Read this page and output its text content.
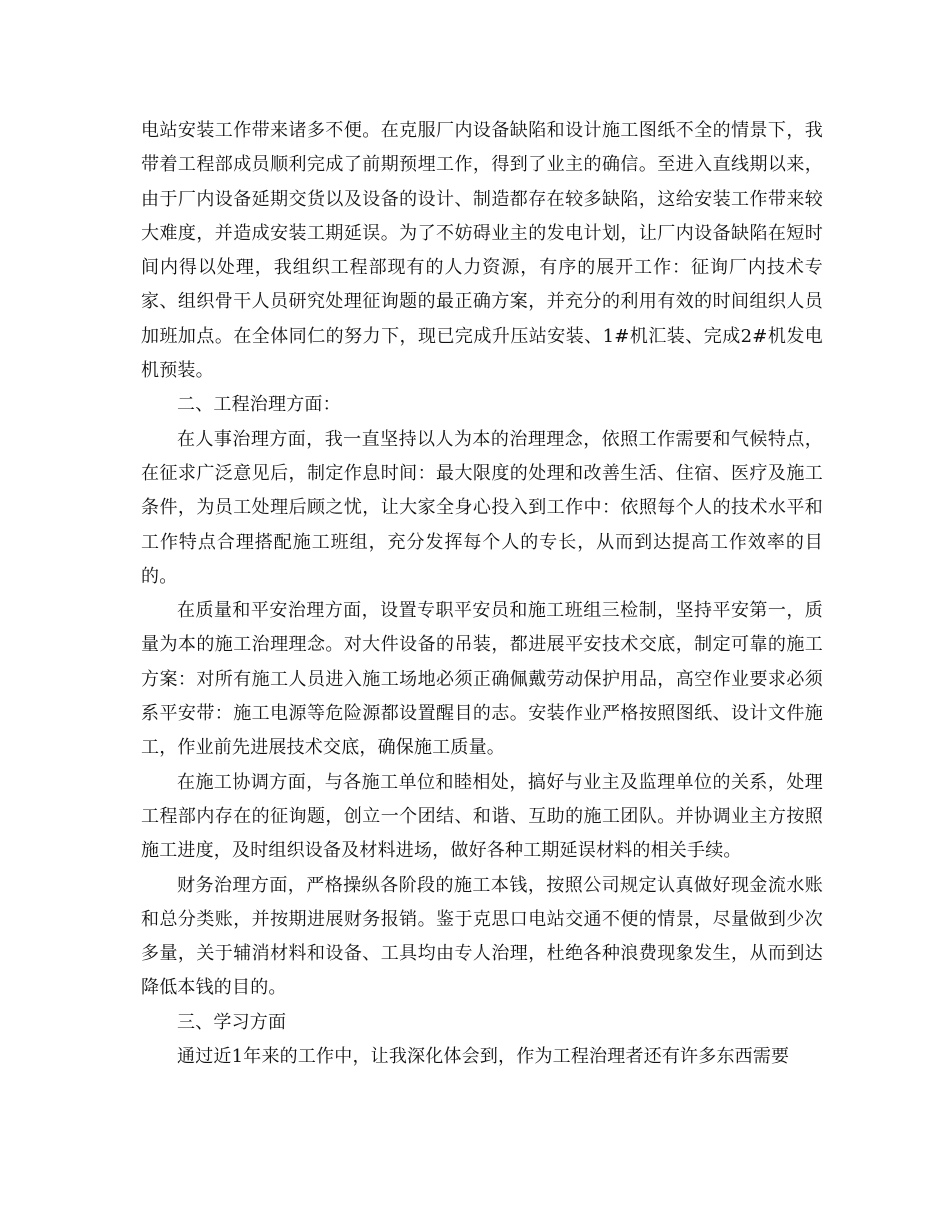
电站安装工作带来诸多不便。在克服厂内设备缺陷和设计施工图纸不全的情景下，我带着工程部成员顺利完成了前期预埋工作，得到了业主的确信。至进入直线期以来，由于厂内设备延期交货以及设备的设计、制造都存在较多缺陷，这给安装工作带来较大难度，并造成安装工期延误。为了不妨碍业主的发电计划，让厂内设备缺陷在短时间内得以处理，我组织工程部现有的人力资源，有序的展开工作：征询厂内技术专家、组织骨干人员研究处理征询题的最正确方案，并充分的利用有效的时间组织人员加班加点。在全体同仁的努力下，现已完成升压站安装、1#机汇装、完成2#机发电机预装。

二、工程治理方面：

在人事治理方面，我一直坚持以人为本的治理理念，依照工作需要和气候特点，在征求广泛意见后，制定作息时间：最大限度的处理和改善生活、住宿、医疗及施工条件，为员工处理后顾之忧，让大家全身心投入到工作中：依照每个人的技术水平和工作特点合理搭配施工班组，充分发挥每个人的专长，从而到达提高工作效率的目的。

在质量和平安治理方面，设置专职平安员和施工班组三检制，坚持平安第一，质量为本的施工治理理念。对大件设备的吊装，都进展平安技术交底，制定可靠的施工方案：对所有施工人员进入施工场地必须正确佩戴劳动保护用品，高空作业要求必须系平安带：施工电源等危险源都设置醒目的志。安装作业严格按照图纸、设计文件施工，作业前先进展技术交底，确保施工质量。

在施工协调方面，与各施工单位和睦相处，搞好与业主及监理单位的关系，处理工程部内存在的征询题，创立一个团结、和谐、互助的施工团队。并协调业主方按照施工进度，及时组织设备及材料进场，做好各种工期延误材料的相关手续。

财务治理方面，严格操纵各阶段的施工本钱，按照公司规定认真做好现金流水账和总分类账，并按期进展财务报销。鉴于克思口电站交通不便的情景，尽量做到少次多量，关于辅消材料和设备、工具均由专人治理，杜绝各种浪费现象发生，从而到达降低本钱的目的。

三、学习方面

通过近1年来的工作中，让我深化体会到，作为工程治理者还有许多东西需要
